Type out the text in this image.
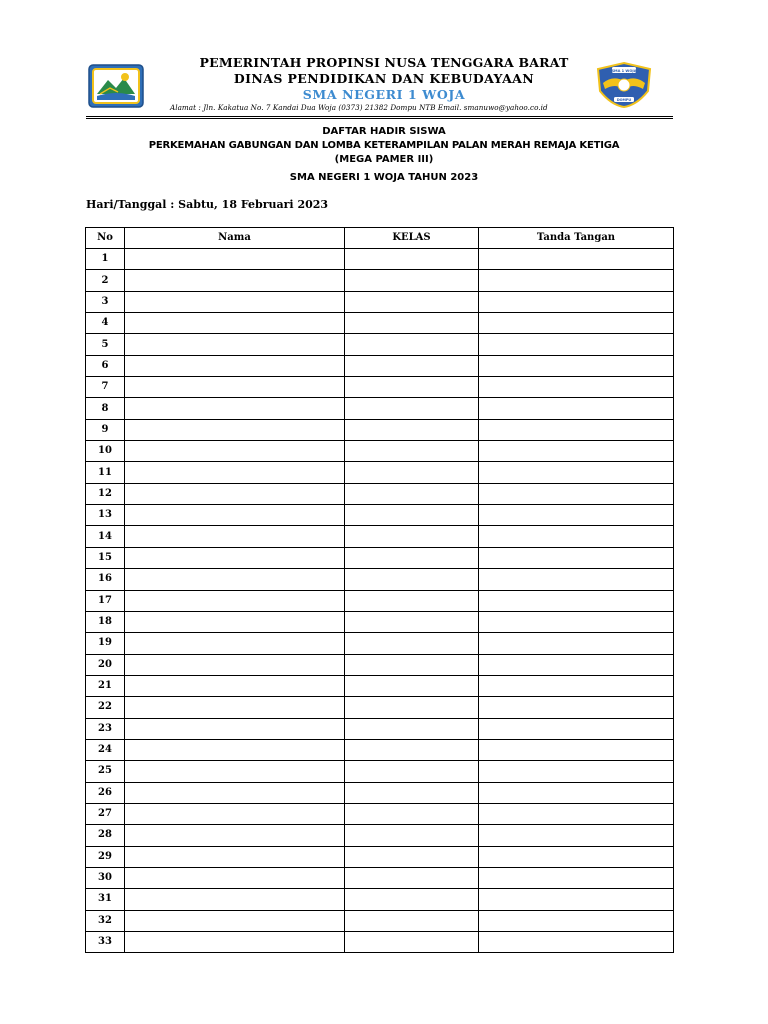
PEMERINTAH PROPINSI NUSA TENGGARA BARAT
DINAS PENDIDIKAN DAN KEBUDAYAAN
SMA NEGERI 1 WOJA
Alamat : Jln. Kakatua No. 7 Kandai Dua Woja (0373) 21382 Dompu NTB Email. smanuwo@yahoo.co.id
SMA 1 WOJA
DOMPU
DAFTAR HADIR SISWA
PERKEMAHAN GABUNGAN DAN LOMBA KETERAMPILAN PALAN MERAH REMAJA KETIGA
(MEGA PAMER III)
SMA NEGERI 1 WOJA TAHUN 2023
Hari/Tanggal : Sabtu, 18 Februari 2023
No	Nama	KELAS	Tanda Tangan
1			
2			
3			
4			
5			
6			
7			
8			
9			
10			
11			
12			
13			
14			
15			
16			
17			
18			
19			
20			
21			
22			
23			
24			
25			
26			
27			
28			
29			
30			
31			
32			
33			
